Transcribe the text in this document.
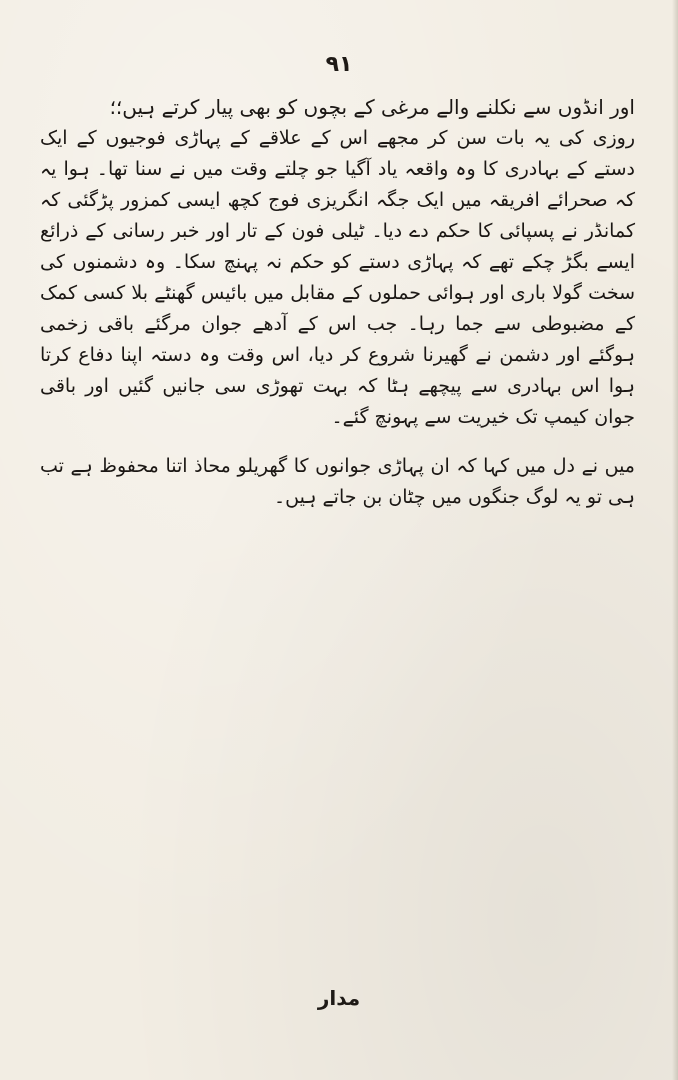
۹۱

اور انڈوں سے نکلنے والے مرغی کے بچوں کو بھی پیار کرتے ہیں؛؛

روزی کی یہ بات سن کر مجھے اس کے علاقے کے پہاڑی فوجیوں کے ایک دستے کے بہادری کا وہ واقعہ یاد آگیا جو چلتے وقت میں نے سنا تھا۔ ہوا یہ کہ صحرائے افریقہ میں ایک جگہ انگریزی فوج کچھ ایسی کمزور پڑگئی کہ کمانڈر نے پسپائی کا حکم دے دیا۔ ٹیلی فون کے تار اور خبر رسانی کے ذرائع ایسے بگڑ چکے تھے کہ پہاڑی دستے کو حکم نہ پہنچ سکا۔ وہ دشمنوں کی سخت گولا باری اور ہوائی حملوں کے مقابل میں بائیس گھنٹے بلا کسی کمک کے مضبوطی سے جما رہا۔ جب اس کے آدھے جوان مرگئے باقی زخمی ہوگئے اور دشمن نے گھیرنا شروع کر دیا، اس وقت وہ دستہ اپنا دفاع کرتا ہوا اس بہادری سے پیچھے ہٹا کہ بہت تھوڑی سی جانیں گئیں اور باقی جوان کیمپ تک خیریت سے پہونچ گئے۔

میں نے دل میں کہا کہ ان پہاڑی جوانوں کا گھریلو محاذ اتنا محفوظ ہے تب ہی تو یہ لوگ جنگوں میں چٹان بن جاتے ہیں۔

مدار
